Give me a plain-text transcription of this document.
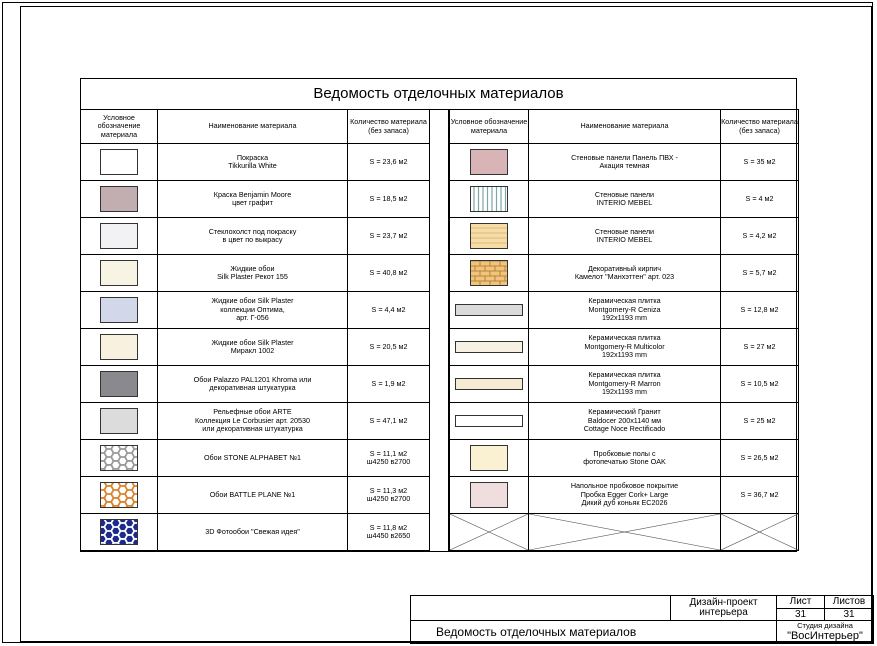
Ведомость отделочных материалов
Условное обозначение материала	Наименование материала	Количество материала (без запаса)

	Покраска
Tikkurilla White	S = 23,6 м2

	Краска Benjamin Moore
цвет графит	S = 18,5 м2

	Стеклохолст под покраску
в цвет по выкрасу	S = 23,7 м2

	Жидкие обои
Silk Plaster Рекот 155	S = 40,8 м2

	Жидкие обои Silk Plaster
коллекции Оптима,
арт. Г-056	S = 4,4 м2

	Жидкие обои Silk Plaster
Миракл 1002	S = 20,5 м2

	Обои Palazzo PAL1201 Khroma или
декоративная штукатурка	S = 1,9 м2

	Рельефные обои ARTE
Коллекция Le Corbusier арт. 20530
или декоративная штукатурка	S = 47,1 м2

	Обои STONE ALPHABET №1	S = 11,1 м2
ш4250 в2700

	Обои BATTLE PLANE №1	S = 11,3 м2
ш4250 в2700

	3D Фотообои "Свежая идея"	S = 11,8 м2
ш4450 в2650
Условное обозначение материала	Наименование материала	Количество материала (без запаса)

	Стеновые панели Панель ПВХ -
Акация темная	S = 35 м2

	Стеновые панели
INTERIO MEBEL	S = 4 м2

	Стеновые панели
INTERIO MEBEL	S = 4,2 м2

	Декоративный кирпич
Камелот "Манхэттен" арт. 023	S = 5,7 м2

	Керамическая плитка
Montgomery-R Ceniza
192x1193 mm	S = 12,8 м2

	Керамическая плитка
Montgomery-R Multicolor
192x1193 mm	S = 27 м2

	Керамическая плитка
Montgomery-R Marron
192x1193 mm	S = 10,5 м2

	Керамический Гранит
Baldocer 200x1140 мм
Cottage Noce Rectificado	S = 25 м2

	Пробковые полы с
фотопечатью Stone OAK	S = 26,5 м2

	Напольное пробковое покрытие
Пробка Egger Cork+ Large
Дикий дуб коньяк EC2026	S = 36,7 м2

	Дизайн-проект
интерьера	Лист	Листов
		31	31
Ведомость отделочных материалов		Студия дизайна
"ВосИнтерьер"	
